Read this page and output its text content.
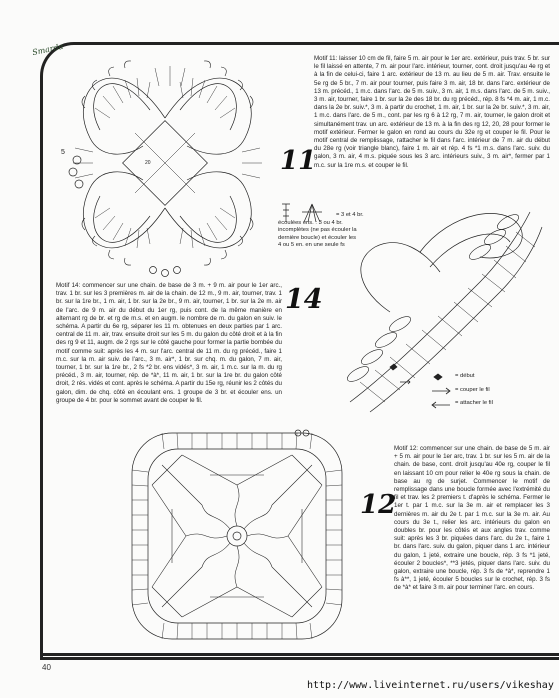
Smarda
5
20	11
= 3 et 4 br.
écoulées ens. : 3 ou 4 br.
incomplètes (ne pas écouler la
dernière boucle) et écouler les
4 ou 5 en. en une seule fs
Motif 11: laisser 10 cm de fil, faire 5 m. air pour le 1er arc. extérieur, puis trav. 5 br. sur le fil laissé en attente, 7 m. air pour l'arc. intérieur, tourner, cont. droit jusqu'au 4e rg et à la fin de celui-ci, faire 1 arc. extérieur de 13 m. au lieu de 5 m. air. Trav. ensuite le 5e rg de 5 br., 7 m. air pour tourner, puis faire 3 m. air, 18 br. dans l'arc. extérieur de 13 m. précéd., 1 m.c. dans l'arc. de 5 m. suiv., 3 m. air, 1 m.s. dans l'arc. de 5 m. suiv., 3 m. air, tourner, faire 1 br. sur la 2e des 18 br. du rg précéd., rép. 8 fs *4 m. air, 1 m.c. dans la 2e br. suiv.*, 3 m. à partir du crochet, 1 m. air, 1 br. sur la 2e br. suiv.*, 3 m. air, 1 m.c. dans l'arc. de 5 m., cont. par les rg 6 à 12 rg, 7 m. air, tourner, le galon droit et simultanément trav. un arc. extérieur de 13 m. à la fin des rg 12, 20, 28 pour former le motif extérieur. Fermer le galon en rond au cours du 32e rg et couper le fil. Pour le motif central de remplissage, rattacher le fil dans l'arc. intérieur de 7 m. air du début du 28e rg (voir triangle blanc), faire 1 m. air et rép. 4 fs *1 m.s. dans l'arc. suiv. du galon, 3 m. air, 4 m.s. piquée sous les 3 arc. intérieurs suiv., 3 m. air*, fermer par 1 m.c. sur la 1re m.s. et couper le fil.
14
= début
= couper le fil
= attacher le fil
Motif 14: commencer sur une chain. de base de 3 m. + 9 m. air pour le 1er arc., trav. 1 br. sur les 3 premières m. air de la chain. de 12 m., 9 m. air, tourner, trav. 1 br. sur la 1re br., 1 m. air, 1 br. sur la 2e br., 9 m. air, tourner, 1 br. sur la 2e m. air de l'arc. de 9 m. air du début du 1er rg, puis cont. de la même manière en alternant rg de br. et rg de m.s. et en augm. le nombre de m. du galon en suiv. le schéma. A partir du 6e rg, séparer les 11 m. obtenues en deux parties par 1 arc. central de 11 m. air, trav. ensuite droit sur les 5 m. du galon du côté droit et à la fin des rg 9 et 11, augm. de 2 rgs sur le côté gauche pour former la partie bombée du motif comme suit: après les 4 m. sur l'arc. central de 11 m. du rg précéd., faire 1 m.c. sur la m. air suiv. de l'arc., 3 m. air*, 1 br. sur chq. m. du galon, 7 m. air, tourner, 1 br. sur la 1re br., 2 fs *2 br. ens vidés*, 3 m. air, 1 m.c. sur la m. du rg précéd., 3 m. air, tourner, rép. de *à*, 11 m. air, 1 br. sur la 1re br. du galon côté droit, 2 rés. vidés et cont. après le schéma. A partir du 15e rg, réunir les 2 côtés du galon, dim. de chq. côté en écoulant ens. 1 groupe de 3 br. et écouler ens. un groupe de 4 br. pour le sommet avant de couper le fil.
12
Motif 12: commencer sur une chain. de base de 5 m. air + 5 m. air pour le 1er arc, trav. 1 br. sur les 5 m. air de la chain. de base, cont. droit jusqu'au 40e rg, couper le fil en laissant 10 cm pour relier le 40e rg sous la chain. de base au rg de surjet. Commencer le motif de remplissage dans une boucle formée avec l'extrémité du fil et trav. les 2 premiers t. d'après le schéma. Fermer le 1er t. par 1 m.c. sur la 3e m. air et remplacer les 3 dernières m. air du 2e t. par 1 m.c. sur la 3e m. air. Au cours du 3e t., relier les arc. intérieurs du galon en doubles br. pour les côtés et aux angles trav. comme suit: après les 3 br. piquées dans l'arc. du 2e t., faire 1 br. dans l'arc. suiv. du galon, piquer dans 1 arc. intérieur du galon, 1 jeté, extraire une boucle, rép. 3 fs *1 jeté, écouler 2 boucles*, **3 jetés, piquer dans l'arc. suiv. du galon, extraire une boucle, rép. 3 fs de *à*, reprendre 1 fs à**, 1 jeté, écouler 5 boucles sur le crochet, rép. 3 fs de *à* et faire 3 m. air pour terminer l'arc. en cours.
40
http://www.liveinternet.ru/users/vikeshay
